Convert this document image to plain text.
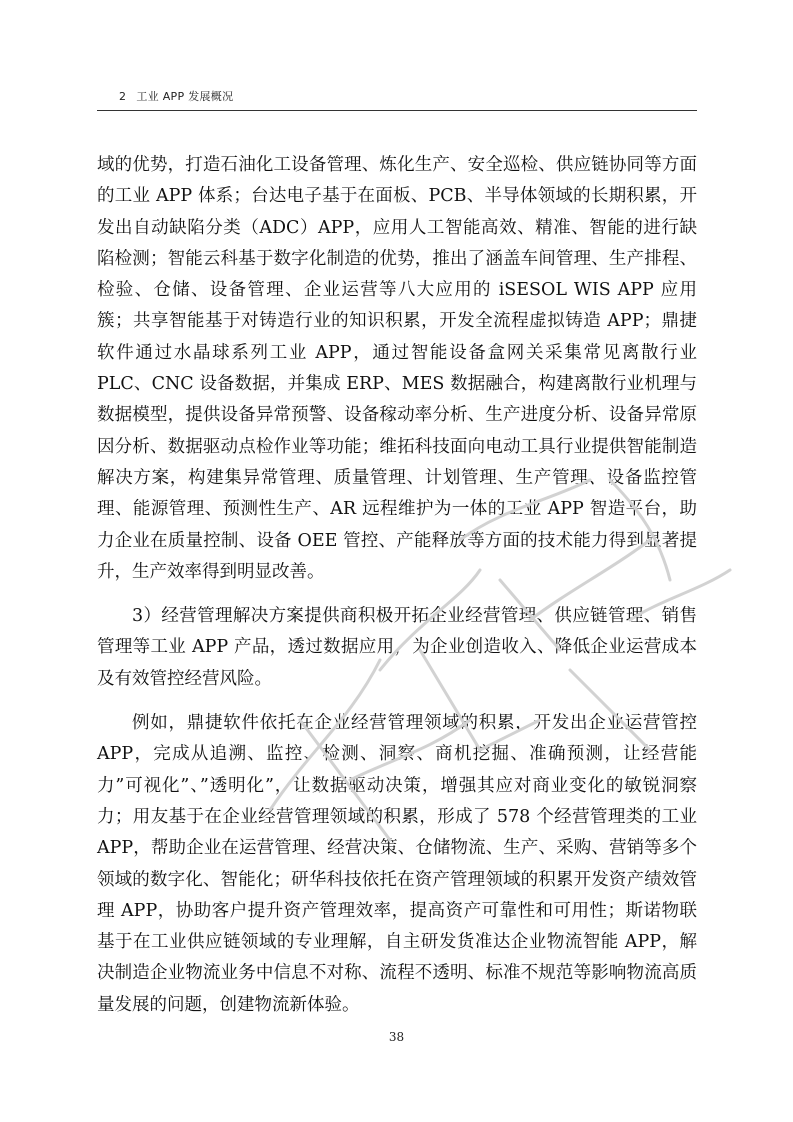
2 工业 APP 发展概况

域的优势，打造石油化工设备管理、炼化生产、安全巡检、供应链协同等方面的工业 APP 体系；台达电子基于在面板、PCB、半导体领域的长期积累，开发出自动缺陷分类（ADC）APP，应用人工智能高效、精准、智能的进行缺陷检测；智能云科基于数字化制造的优势，推出了涵盖车间管理、生产排程、检验、仓储、设备管理、企业运营等八大应用的 iSESOL WIS APP 应用簇；共享智能基于对铸造行业的知识积累，开发全流程虚拟铸造 APP；鼎捷软件通过水晶球系列工业 APP，通过智能设备盒网关采集常见离散行业 PLC、CNC 设备数据，并集成 ERP、MES 数据融合，构建离散行业机理与数据模型，提供设备异常预警、设备稼动率分析、生产进度分析、设备异常原因分析、数据驱动点检作业等功能；维拓科技面向电动工具行业提供智能制造解决方案，构建集异常管理、质量管理、计划管理、生产管理、设备监控管理、能源管理、预测性生产、AR 远程维护为一体的工业 APP 智造平台，助力企业在质量控制、设备 OEE 管控、产能释放等方面的技术能力得到显著提升，生产效率得到明显改善。

3）经营管理解决方案提供商积极开拓企业经营管理、供应链管理、销售管理等工业 APP 产品，透过数据应用，为企业创造收入、降低企业运营成本及有效管控经营风险。

例如，鼎捷软件依托在企业经营管理领域的积累，开发出企业运营管控 APP，完成从追溯、监控、检测、洞察、商机挖掘、准确预测，让经营能力”可视化”、”透明化”，让数据驱动决策，增强其应对商业变化的敏锐洞察力；用友基于在企业经营管理领域的积累，形成了 578 个经营管理类的工业 APP，帮助企业在运营管理、经营决策、仓储物流、生产、采购、营销等多个领域的数字化、智能化；研华科技依托在资产管理领域的积累开发资产绩效管理 APP，协助客户提升资产管理效率，提高资产可靠性和可用性；斯诺物联基于在工业供应链领域的专业理解，自主研发货准达企业物流智能 APP，解决制造企业物流业务中信息不对称、流程不透明、标准不规范等影响物流高质量发展的问题，创建物流新体验。

38
